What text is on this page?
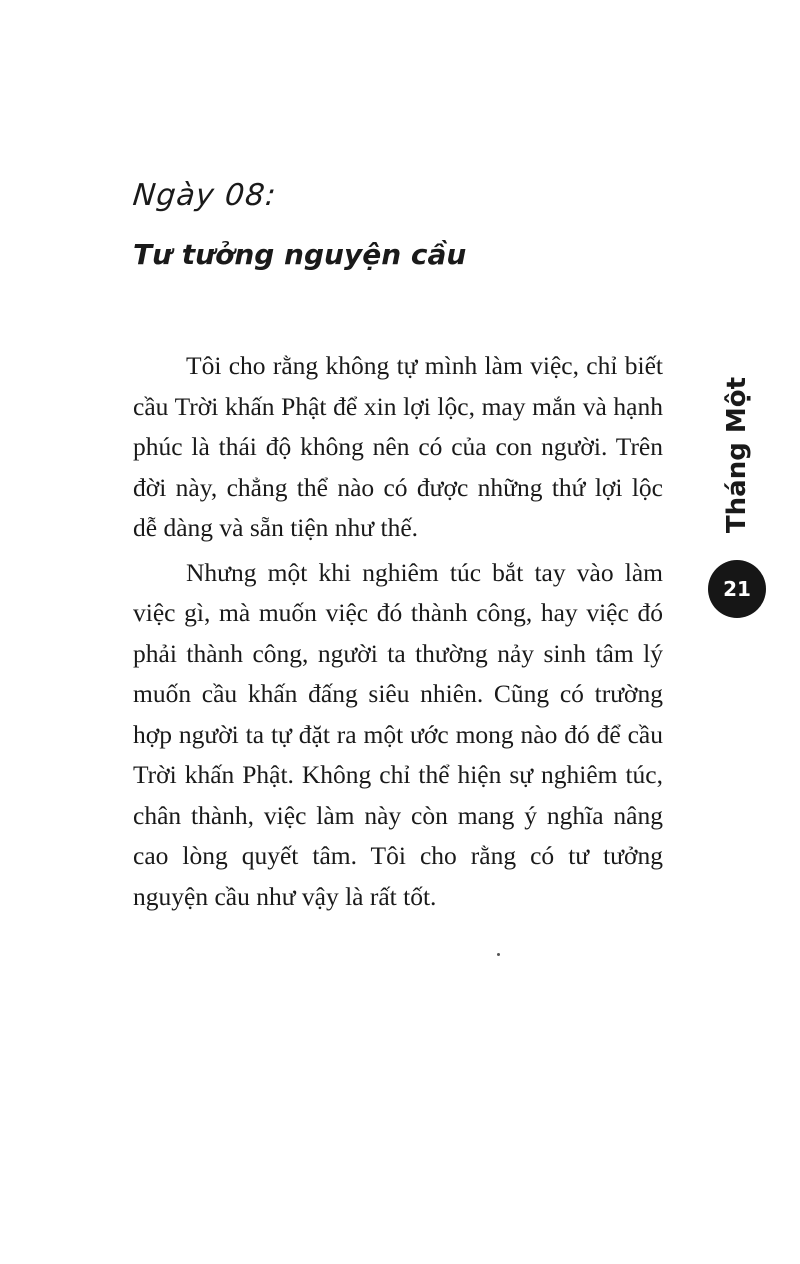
Ngày 08:
Tư tưởng nguyện cầu

Tôi cho rằng không tự mình làm việc, chỉ biết cầu Trời khấn Phật để xin lợi lộc, may mắn và hạnh phúc là thái độ không nên có của con người. Trên đời này, chẳng thể nào có được những thứ lợi lộc dễ dàng và sẵn tiện như thế.

Nhưng một khi nghiêm túc bắt tay vào làm việc gì, mà muốn việc đó thành công, hay việc đó phải thành công, người ta thường nảy sinh tâm lý muốn cầu khấn đấng siêu nhiên. Cũng có trường hợp người ta tự đặt ra một ước mong nào đó để cầu Trời khấn Phật. Không chỉ thể hiện sự nghiêm túc, chân thành, việc làm này còn mang ý nghĩa nâng cao lòng quyết tâm. Tôi cho rằng có tư tưởng nguyện cầu như vậy là rất tốt.

Tháng Một
21
